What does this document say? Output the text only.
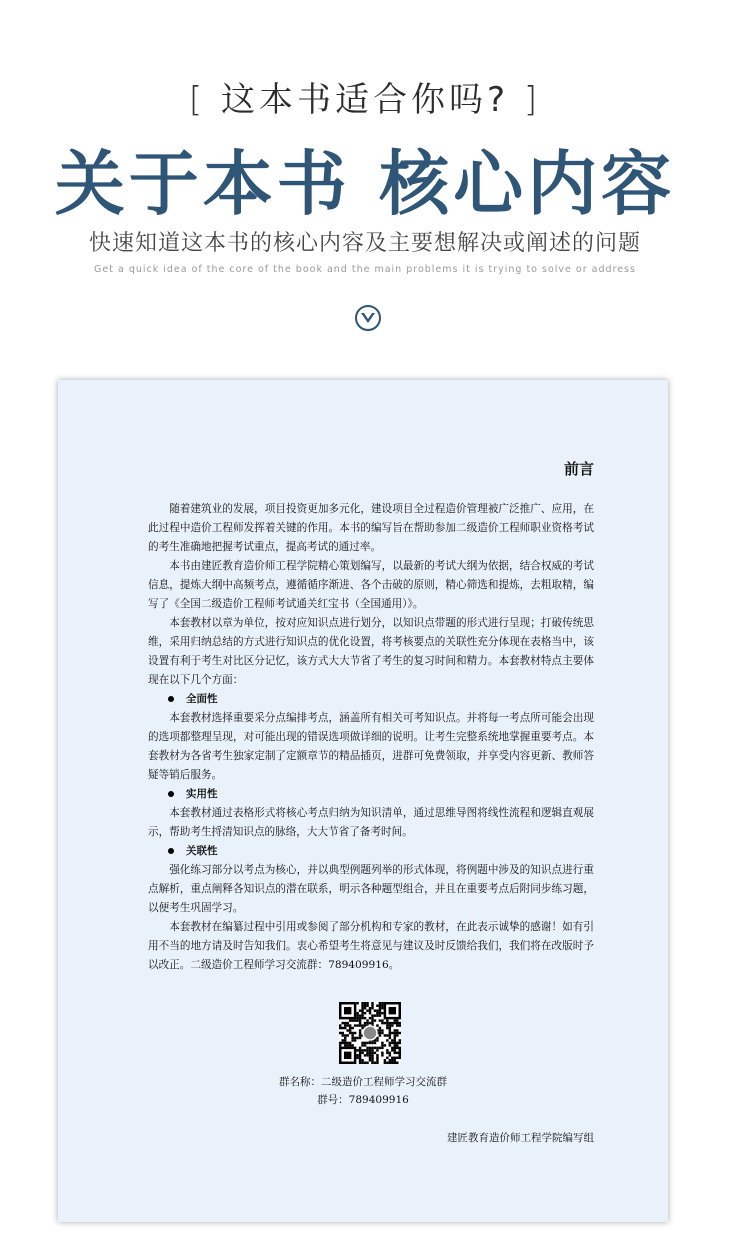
[ 这本书适合你吗? ]
关于本书 核心内容
快速知道这本书的核心内容及主要想解决或阐述的问题
Get a quick idea of the core of the book and the main problems it is trying to solve or address
前言

随着建筑业的发展，项目投资更加多元化，建设项目全过程造价管理被广泛推广、应用，在此过程中造价工程师发挥着关键的作用。本书的编写旨在帮助参加二级造价工程师职业资格考试的考生准确地把握考试重点，提高考试的通过率。

本书由建匠教育造价师工程学院精心策划编写，以最新的考试大纲为依据，结合权威的考试信息，提炼大纲中高频考点，遵循循序渐进、各个击破的原则，精心筛选和提炼，去粗取精，编写了《全国二级造价工程师考试通关红宝书（全国通用）》。

本套教材以章为单位，按对应知识点进行划分，以知识点带题的形式进行呈现；打破传统思维，采用归纳总结的方式进行知识点的优化设置，将考核要点的关联性充分体现在表格当中，该设置有利于考生对比区分记忆，该方式大大节省了考生的复习时间和精力。本套教材特点主要体现在以下几个方面：

全面性

本套教材选择重要采分点编排考点，涵盖所有相关可考知识点。并将每一考点所可能会出现的选项都整理呈现，对可能出现的错误选项做详细的说明。让考生完整系统地掌握重要考点。本套教材为各省考生独家定制了定额章节的精品插页，进群可免费领取，并享受内容更新、教师答疑等销后服务。

实用性

本套教材通过表格形式将核心考点归纳为知识清单，通过思维导图将线性流程和逻辑直观展示，帮助考生捋清知识点的脉络，大大节省了备考时间。

关联性

强化练习部分以考点为核心，并以典型例题列举的形式体现，将例题中涉及的知识点进行重点解析，重点阐释各知识点的潜在联系，明示各种题型组合，并且在重要考点后附同步练习题，以便考生巩固学习。

本套教材在编纂过程中引用或参阅了部分机构和专家的教材，在此表示诚挚的感谢！如有引用不当的地方请及时告知我们。衷心希望考生将意见与建议及时反馈给我们，我们将在改版时予以改正。二级造价工程师学习交流群：789409916。

群名称：二级造价工程师学习交流群
群号：789409916
建匠教育造价师工程学院编写组
